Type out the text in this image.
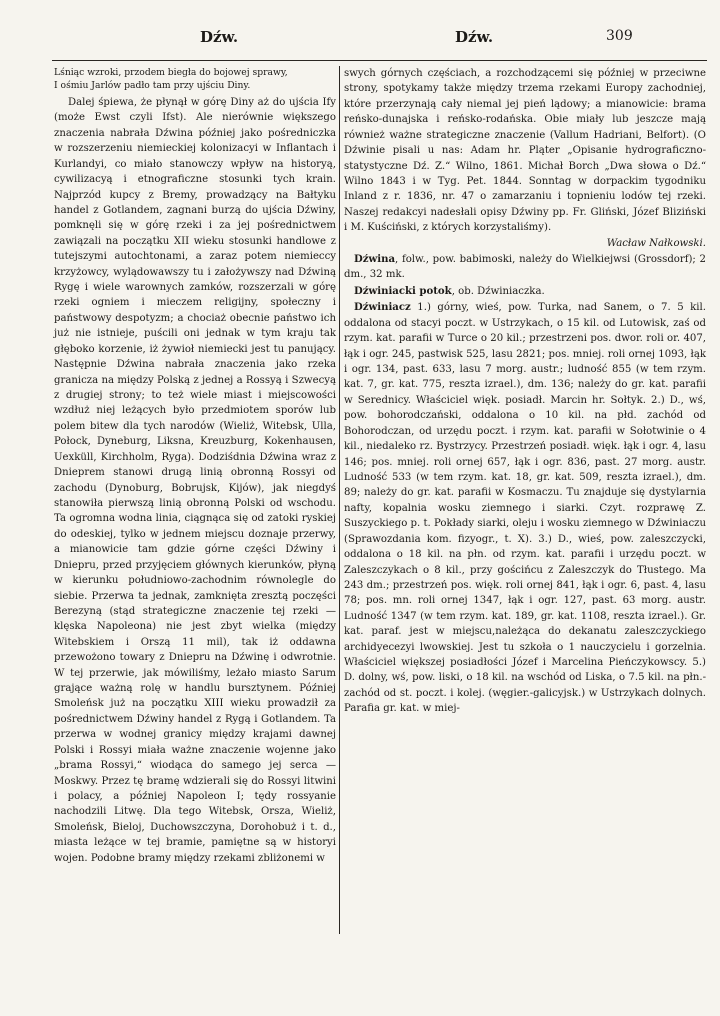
Dźw.	Dźw.	309
Lśniąc wzroki, przodem biegła do bojowej sprawy,
I ośmiu Jarlów padło tam przy ujściu Diny.

Dalej śpiewa, że płynął w górę Diny aż do ujścia Ify (może Ewst czyli Ifst). Ale nierównie większego znaczenia nabrała Dźwina później jako pośredniczka w rozszerzeniu niemieckiej kolonizacyi w Inflantach i Kurlandyi, co miało stanowczy wpływ na historyą, cywilizacyą i etnograficzne stosunki tych krain. Najprzód kupcy z Bremy, prowadzący na Bałtyku handel z Gotlandem, zagnani burzą do ujścia Dźwiny, pomknęli się w górę rzeki i za jej pośrednictwem zawiązali na początku XII wieku stosunki handlowe z tutejszymi autochtonami, a zaraz potem niemieccy krzyżowcy, wylądowawszy tu i założywszy nad Dźwiną Rygę i wiele warownych zamków, rozszerzali w górę rzeki ogniem i mieczem religijny, społeczny i państwowy despotyzm; a chociaż obecnie państwo ich już nie istnieje, puścili oni jednak w tym kraju tak głęboko korzenie, iż żywioł niemiecki jest tu panujący. Następnie Dźwina nabrała znaczenia jako rzeka granicza na między Polską z jednej a Rossyą i Szwecyą z drugiej strony; to też wiele miast i miejscowości wzdłuż niej leżących było przedmiotem sporów lub polem bitew dla tych narodów (Wieliż, Witebsk, Ulla, Połock, Dyneburg, Liksna, Kreuzburg, Kokenhausen, Uexküll, Kirchholm, Ryga). Dodziśdnia Dźwina wraz z Dnieprem stanowi drugą linią obronną Rossyi od zachodu (Dynoburg, Bobrujsk, Kijów), jak niegdyś stanowiła pierwszą linią obronną Polski od wschodu. Ta ogromna wodna linia, ciągnąca się od zatoki ryskiej do odeskiej, tylko w jednem miejscu doznaje przerwy, a mianowicie tam gdzie górne części Dźwiny i Dniepru, przed przyjęciem głównych kierunków, płyną w kierunku południowo-zachodnim równolegle do siebie. Przerwa ta jednak, zamknięta zresztą poczęści Berezyną (stąd strategiczne znaczenie tej rzeki — klęska Napoleona) nie jest zbyt wielka (między Witebskiem i Orszą 11 mil), tak iż oddawna przewożono towary z Dniepru na Dźwinę i odwrotnie. W tej przerwie, jak mówiliśmy, leżało miasto Sarum grające ważną rolę w handlu bursztynem. Później Smoleńsk już na początku XIII wieku prowadził za pośrednictwem Dźwiny handel z Rygą i Gotlandem. Ta przerwa w wodnej granicy między krajami dawnej Polski i Rossyi miała ważne znaczenie wojenne jako „brama Rossyi,“ wiodąca do samego jej serca — Moskwy. Przez tę bramę wdzierali się do Rossyi litwini i polacy, a później Napoleon I; tędy rossyanie nachodzili Litwę. Dla tego Witebsk, Orsza, Wieliż, Smoleńsk, Bieloj, Duchowszczyna, Dorohobuż i t. d., miasta leżące w tej bramie, pamiętne są w historyi wojen. Podobne bramy między rzekami zbliżonemi w

swych górnych częściach, a rozchodzącemi się później w przeciwne strony, spotykamy także między trzema rzekami Europy zachodniej, które przerzynają cały niemal jej pień lądowy; a mianowicie: brama reńsko-dunajska i reńsko-rodańska. Obie miały lub jeszcze mają również ważne strategiczne znaczenie (Vallum Hadriani, Belfort). (O Dźwinie pisali u nas: Adam hr. Pląter „Opisanie hydrograficzno-statystyczne Dź. Z.“ Wilno, 1861. Michał Borch „Dwa słowa o Dź.“ Wilno 1843 i w Tyg. Pet. 1844. Sonntag w dorpackim tygodniku Inland z r. 1836, nr. 47 o zamarzaniu i topnieniu lodów tej rzeki. Naszej redakcyi nadesłali opisy Dźwiny pp. Fr. Gliński, Józef Bliziński i M. Kuściński, z których korzystaliśmy).

Wacław Nałkowski.

Dźwina, folw., pow. babimoski, należy do Wielkiejwsi (Grossdorf); 2 dm., 32 mk.

Dźwiniacki potok, ob. Dźwiniaczka.

Dźwiniacz 1.) górny, wieś, pow. Turka, nad Sanem, o 7. 5 kil. oddalona od stacyi poczt. w Ustrzykach, o 15 kil. od Lutowisk, zaś od rzym. kat. parafii w Turce o 20 kil.; przestrzeni pos. dwor. roli or. 407, łąk i ogr. 245, pastwisk 525, lasu 2821; pos. mniej. roli ornej 1093, łąk i ogr. 134, past. 633, lasu 7 morg. austr.; ludność 855 (w tem rzym. kat. 7, gr. kat. 775, reszta izrael.), dm. 136; należy do gr. kat. parafii w Serednicy. Właściciel więk. posiadł. Marcin hr. Sołtyk. 2.) D., wś, pow. bohorodczański, oddalona o 10 kil. na płd. zachód od Bohorodczan, od urzędu poczt. i rzym. kat. parafii w Sołotwinie o 4 kil., niedaleko rz. Bystrzycy. Przestrzeń posiadł. więk. łąk i ogr. 4, lasu 146; pos. mniej. roli ornej 657, łąk i ogr. 836, past. 27 morg. austr. Ludność 533 (w tem rzym. kat. 18, gr. kat. 509, reszta izrael.), dm. 89; należy do gr. kat. parafii w Kosmaczu. Tu znajduje się dystylarnia nafty, kopalnia wosku ziemnego i siarki. Czyt. rozprawę Z. Suszyckiego p. t. Pokłady siarki, oleju i wosku ziemnego w Dźwiniaczu (Sprawozdania kom. fizyogr., t. X). 3.) D., wieś, pow. zaleszczycki, oddalona o 18 kil. na płn. od rzym. kat. parafii i urzędu poczt. w Zaleszczykach o 8 kil., przy gościńcu z Zaleszczyk do Tłustego. Ma 243 dm.; przestrzeń pos. więk. roli ornej 841, łąk i ogr. 6, past. 4, lasu 78; pos. mn. roli ornej 1347, łąk i ogr. 127, past. 63 morg. austr. Ludność 1347 (w tem rzym. kat. 189, gr. kat. 1108, reszta izrael.). Gr. kat. paraf. jest w miejscu,należąca do dekanatu zaleszczyckiego archidyecezyi lwowskiej. Jest tu szkoła o 1 nauczycielu i gorzelnia. Właściciel większej posiadłości Józef i Marcelina Pieńczykowscy. 5.) D. dolny, wś, pow. liski, o 18 kil. na wschód od Liska, o 7.5 kil. na płn.-zachód od st. poczt. i kolej. (węgier.-galicyjsk.) w Ustrzykach dolnych. Parafia gr. kat. w miej-
